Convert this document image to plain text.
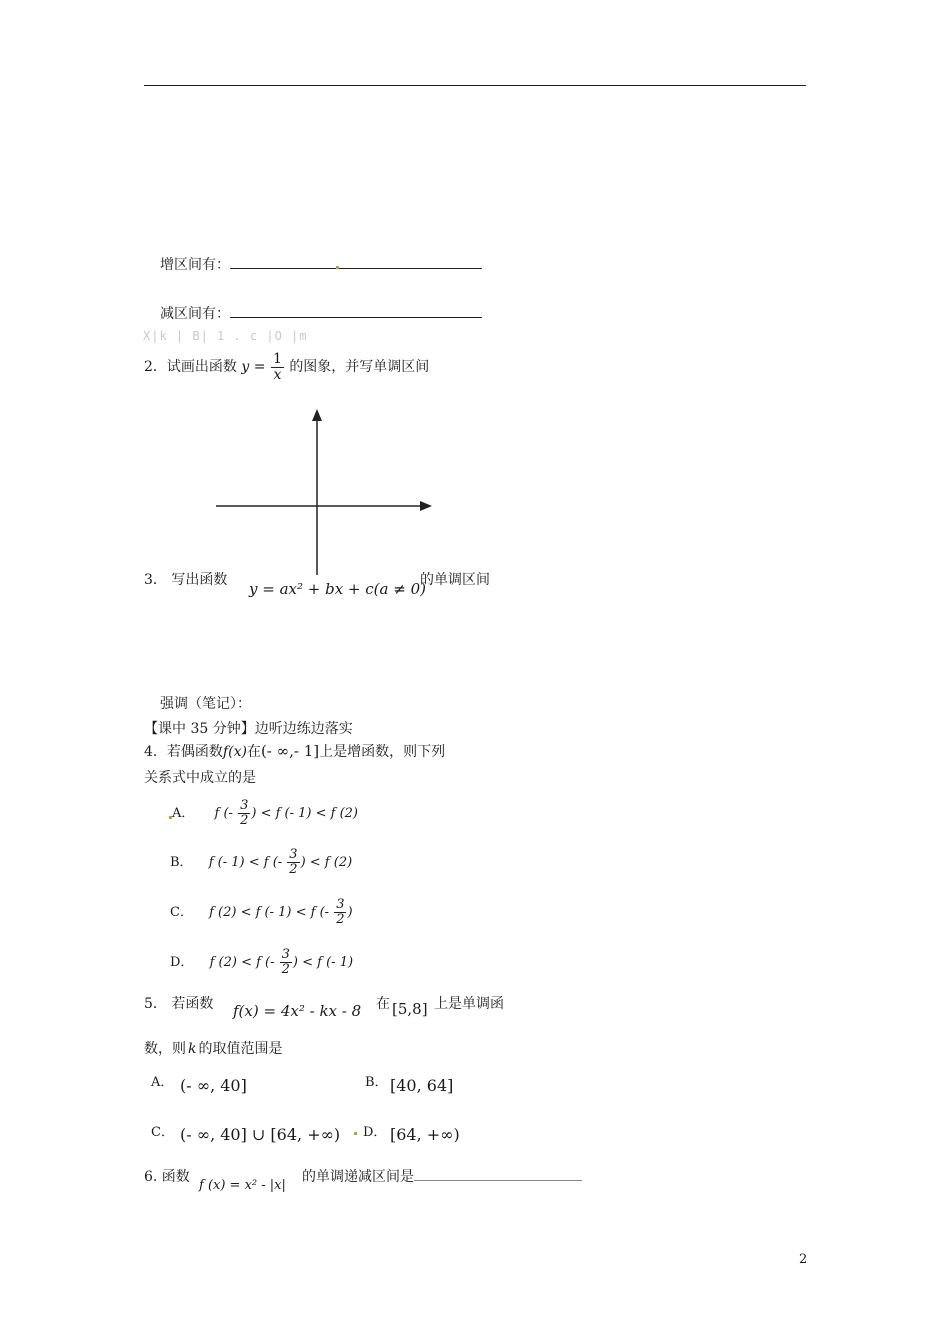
增区间有：
减区间有：
X|k | B| 1 . c |O |m
2．试画出函数 $y = \frac{1}{x}$ 的图象，并写单调区间
3． 写出函数 y = ax² + bx + c(a ≠ 0)
的单调区间
强调（笔记）：
【课中 35 分钟】边听边练边落实
4．若偶函数f(x)在(- ∞,- 1]上是增函数，则下列
关系式中成立的是
A． f (- $\frac{3}{2}$ ) < f (- 1) < f (2)
B． f (- 1) < f (- $\frac{3}{2}$ ) < f (2)
C． f (2) < f (- 1) < f (- $\frac{3}{2}$ )
D． f (2) < f (- $\frac{3}{2}$ ) < f (- 1)
5． 若函数 f(x) = 4x² - kx - 8 在 [5,8] 上是单调函
数，则 k 的取值范围是
A． (- ∞, 40]	B． [40, 64]
C． (- ∞, 40] ∪ [64, +∞) D． [64, +∞)
6. 函数
f (x) = x² - |x|
的单调递减区间是
2
